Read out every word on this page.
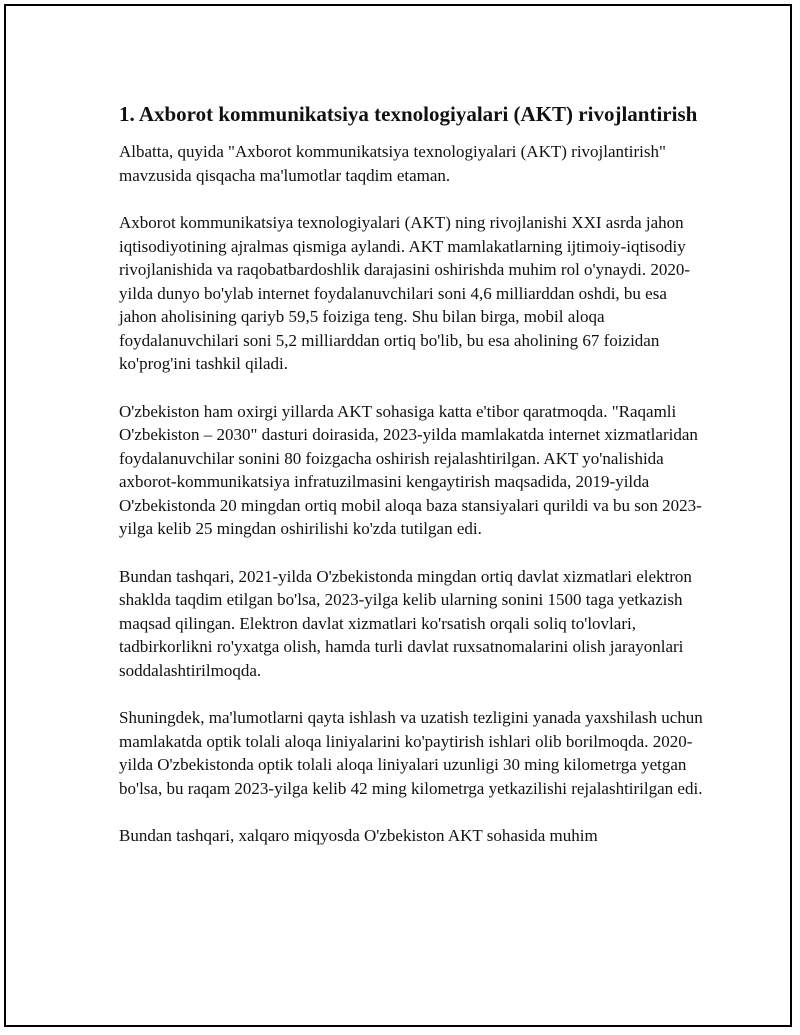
1. Axborot kommunikatsiya texnologiyalari (AKT) rivojlantirish

Albatta, quyida "Axborot kommunikatsiya texnologiyalari (AKT) rivojlantirish" mavzusida qisqacha ma'lumotlar taqdim etaman.

Axborot kommunikatsiya texnologiyalari (AKT) ning rivojlanishi XXI asrda jahon iqtisodiyotining ajralmas qismiga aylandi. AKT mamlakatlarning ijtimoiy-iqtisodiy rivojlanishida va raqobatbardoshlik darajasini oshirishda muhim rol o'ynaydi. 2020-yilda dunyo bo'ylab internet foydalanuvchilari soni 4,6 milliarddan oshdi, bu esa jahon aholisining qariyb 59,5 foiziga teng. Shu bilan birga, mobil aloqa foydalanuvchilari soni 5,2 milliarddan ortiq bo'lib, bu esa aholining 67 foizidan ko'prog'ini tashkil qiladi.

O'zbekiston ham oxirgi yillarda AKT sohasiga katta e'tibor qaratmoqda. "Raqamli O'zbekiston – 2030" dasturi doirasida, 2023-yilda mamlakatda internet xizmatlaridan foydalanuvchilar sonini 80 foizgacha oshirish rejalashtirilgan. AKT yo'nalishida axborot-kommunikatsiya infratuzilmasini kengaytirish maqsadida, 2019-yilda O'zbekistonda 20 mingdan ortiq mobil aloqa baza stansiyalari qurildi va bu son 2023-yilga kelib 25 mingdan oshirilishi ko'zda tutilgan edi.

Bundan tashqari, 2021-yilda O'zbekistonda mingdan ortiq davlat xizmatlari elektron shaklda taqdim etilgan bo'lsa, 2023-yilga kelib ularning sonini 1500 taga yetkazish maqsad qilingan. Elektron davlat xizmatlari ko'rsatish orqali soliq to'lovlari, tadbirkorlikni ro'yxatga olish, hamda turli davlat ruxsatnomalarini olish jarayonlari soddalashtirilmoqda.

Shuningdek, ma'lumotlarni qayta ishlash va uzatish tezligini yanada yaxshilash uchun mamlakatda optik tolali aloqa liniyalarini ko'paytirish ishlari olib borilmoqda. 2020-yilda O'zbekistonda optik tolali aloqa liniyalari uzunligi 30 ming kilometrga yetgan bo'lsa, bu raqam 2023-yilga kelib 42 ming kilometrga yetkazilishi rejalashtirilgan edi.

Bundan tashqari, xalqaro miqyosda O'zbekiston AKT sohasida muhim
